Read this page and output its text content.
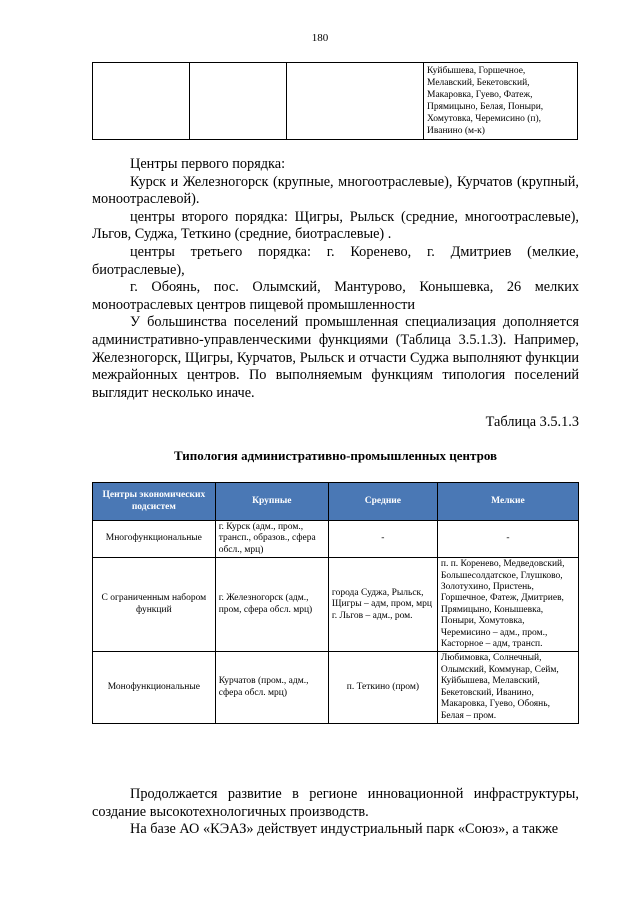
180
			Куйбышева, Горшечное, Мелавский, Бекетовский, Макаровка, Гуево, Фатеж, Прямицыно, Белая, Поныри, Хомутовка, Черемисино (п), Иванино (м-к)

Центры первого порядка:

Курск и Железногорск (крупные, многоотраслевые), Курчатов (крупный, моноотраслевой).

центры второго порядка: Щигры, Рыльск (средние, многоотраслевые), Льгов, Суджа, Теткино (средние, биотраслевые) .

центры третьего порядка: г. Коренево, г. Дмитриев (мелкие, биотраслевые),

г. Обоянь, пос. Олымский, Мантурово, Конышевка, 26 мелких моноотраслевых центров пищевой промышленности

У большинства поселений промышленная специализация дополняется административно-управленческими функциями (Таблица 3.5.1.3). Например, Железногорск, Щигры, Курчатов, Рыльск и отчасти Суджа выполняют функции межрайонных центров. По выполняемым функциям типология поселений выглядит несколько иначе.

Таблица 3.5.1.3
Типология административно-промышленных центров
Центры экономических подсистем	Крупные	Средние	Мелкие
Многофункциональные	г. Курск (адм., пром., трансп., образов., сфера обсл., мрц)	-	-
С ограниченным набором функций	г. Железногорск (адм., пром, сфера обсл. мрц)	города Суджа, Рыльск, Щигры – адм, пром, мрц г. Льгов – адм., ром.	п. п. Коренево, Медведовский, Большесолдатское, Глушково, Золотухино, Пристень, Горшечное, Фатеж, Дмитриев, Прямицыно, Конышевка, Поныри, Хомутовка, Черемисино – адм., пром., Касторное – адм, трансп.
Монофункциональные	Курчатов (пром., адм., сфера обсл. мрц)	п. Теткино (пром)	Любимовка, Солнечный, Олымский, Коммунар, Сейм, Куйбышева, Мелавский, Бекетовский, Иванино, Макаровка, Гуево, Обоянь, Белая – пром.

Продолжается развитие в регионе инновационной инфраструктуры, создание высокотехнологичных производств.

На базе АО «КЭАЗ» действует индустриальный парк «Союз», а также
